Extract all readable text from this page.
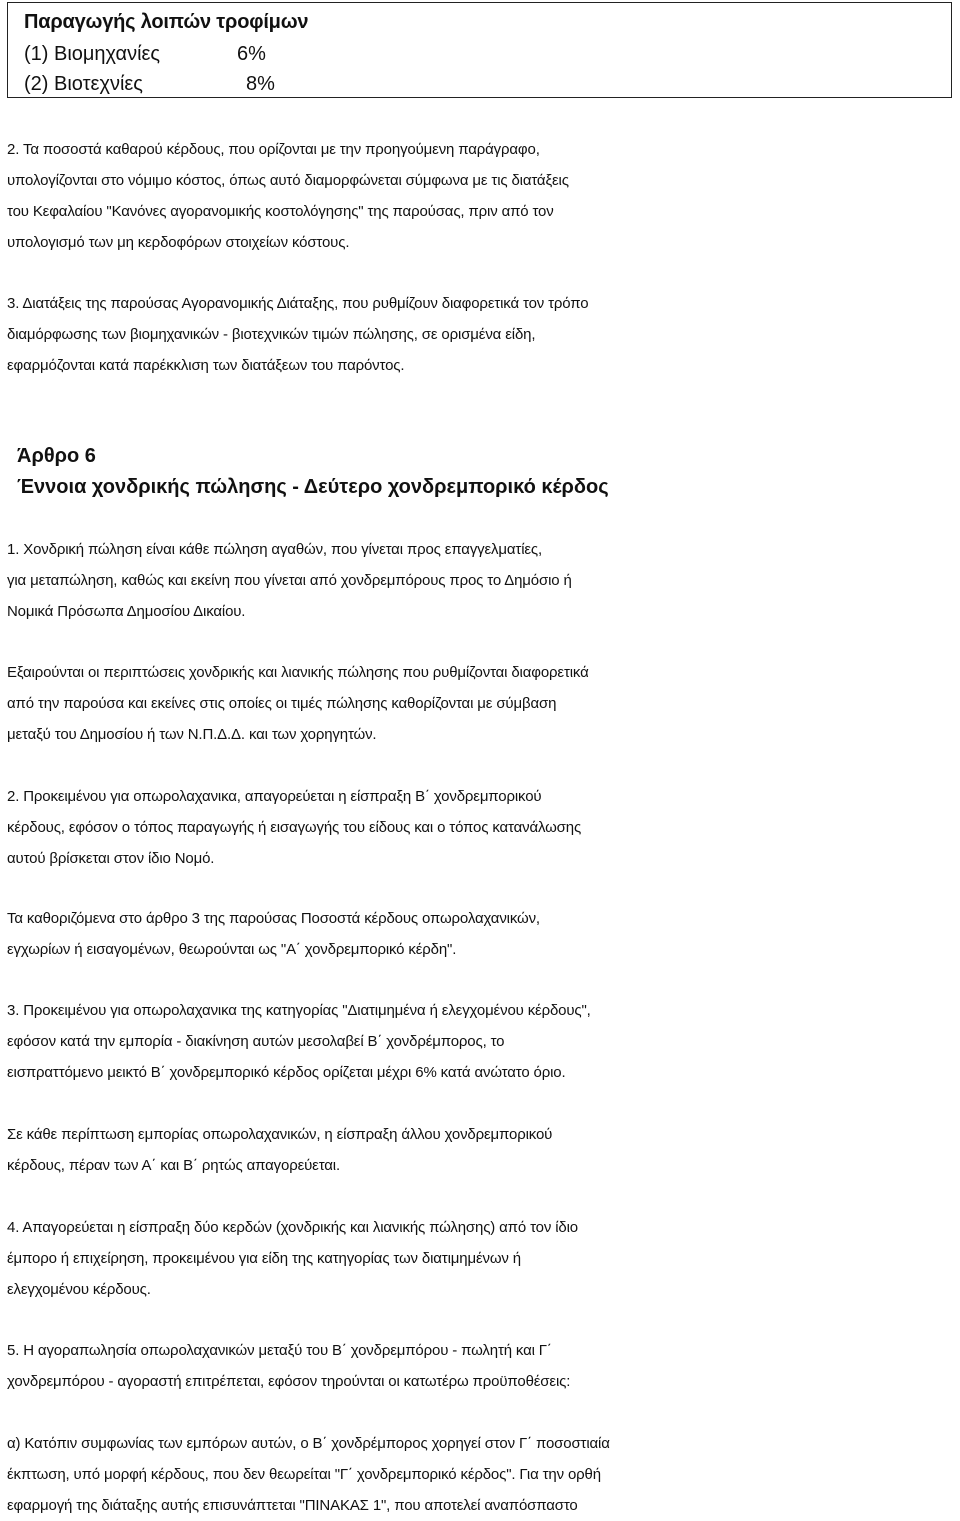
Παραγωγής λοιπών τροφίμων
(1) Βιομηχανίες	6%
(2) Βιοτεχνίες	8%

2. Τα ποσοστά καθαρού κέρδους, που ορίζονται με την προηγούμενη παράγραφο,

υπολογίζονται στο νόμιμο κόστος, όπως αυτό διαμορφώνεται σύμφωνα με τις διατάξεις

του Κεφαλαίου "Κανόνες αγορανομικής κοστολόγησης" της παρούσας, πριν από τον

υπολογισμό των μη κερδοφόρων στοιχείων κόστους.

3. Διατάξεις της παρούσας Αγορανομικής Διάταξης, που ρυθμίζουν διαφορετικά τον τρόπο

διαμόρφωσης των βιομηχανικών - βιοτεχνικών τιμών πώλησης, σε ορισμένα είδη,

εφαρμόζονται κατά παρέκκλιση των διατάξεων του παρόντος.

Άρθρο 6

Έννοια χονδρικής πώλησης - Δεύτερο χονδρεμπορικό κέρδος

1. Χονδρική πώληση είναι κάθε πώληση αγαθών, που γίνεται προς επαγγελματίες,

για μεταπώληση, καθώς και εκείνη που γίνεται από χονδρεμπόρους προς το Δημόσιο ή

Νομικά Πρόσωπα Δημοσίου Δικαίου.

Εξαιρούνται οι περιπτώσεις χονδρικής και λιανικής πώλησης που ρυθμίζονται διαφορετικά

από την παρούσα και εκείνες στις οποίες οι τιμές πώλησης καθορίζονται με σύμβαση

μεταξύ του Δημοσίου ή των Ν.Π.Δ.Δ. και των χορηγητών.

2. Προκειμένου για οπωρολαχανικα, απαγορεύεται η είσπραξη Β΄ χονδρεμπορικού

κέρδους, εφόσον ο τόπος παραγωγής ή εισαγωγής του είδους και ο τόπος κατανάλωσης

αυτού βρίσκεται στον ίδιο Νομό.

Τα καθοριζόμενα στο άρθρο 3 της παρούσας Ποσοστά κέρδους οπωρολαχανικών,

εγχωρίων ή εισαγομένων, θεωρούνται ως "Α΄ χονδρεμπορικό κέρδη".

3. Προκειμένου για οπωρολαχανικα της κατηγορίας "Διατιμημένα ή ελεγχομένου κέρδους",

εφόσον κατά την εμπορία - διακίνηση αυτών μεσολαβεί Β΄ χονδρέμπορος, το

εισπραττόμενο μεικτό Β΄ χονδρεμπορικό κέρδος ορίζεται μέχρι 6% κατά ανώτατο όριο.

Σε κάθε περίπτωση εμπορίας οπωρολαχανικών, η είσπραξη άλλου χονδρεμπορικού

κέρδους, πέραν των Α΄ και Β΄ ρητώς απαγορεύεται.

4. Απαγορεύεται η είσπραξη δύο κερδών (χονδρικής και λιανικής πώλησης) από τον ίδιο

έμπορο ή επιχείρηση, προκειμένου για είδη της κατηγορίας των διατιμημένων ή

ελεγχομένου κέρδους.

5. Η αγοραπωλησία οπωρολαχανικών μεταξύ του Β΄ χονδρεμπόρου - πωλητή και Γ΄

χονδρεμπόρου - αγοραστή επιτρέπεται, εφόσον τηρούνται οι κατωτέρω προϋποθέσεις:

α) Κατόπιν συμφωνίας των εμπόρων αυτών, ο Β΄ χονδρέμπορος χορηγεί στον Γ΄ ποσοστιαία

έκπτωση, υπό μορφή κέρδους, που δεν θεωρείται "Γ΄ χονδρεμπορικό κέρδος". Για την ορθή

εφαρμογή της διάταξης αυτής επισυνάπτεται "ΠΙΝΑΚΑΣ 1", που αποτελεί αναπόσπαστο
